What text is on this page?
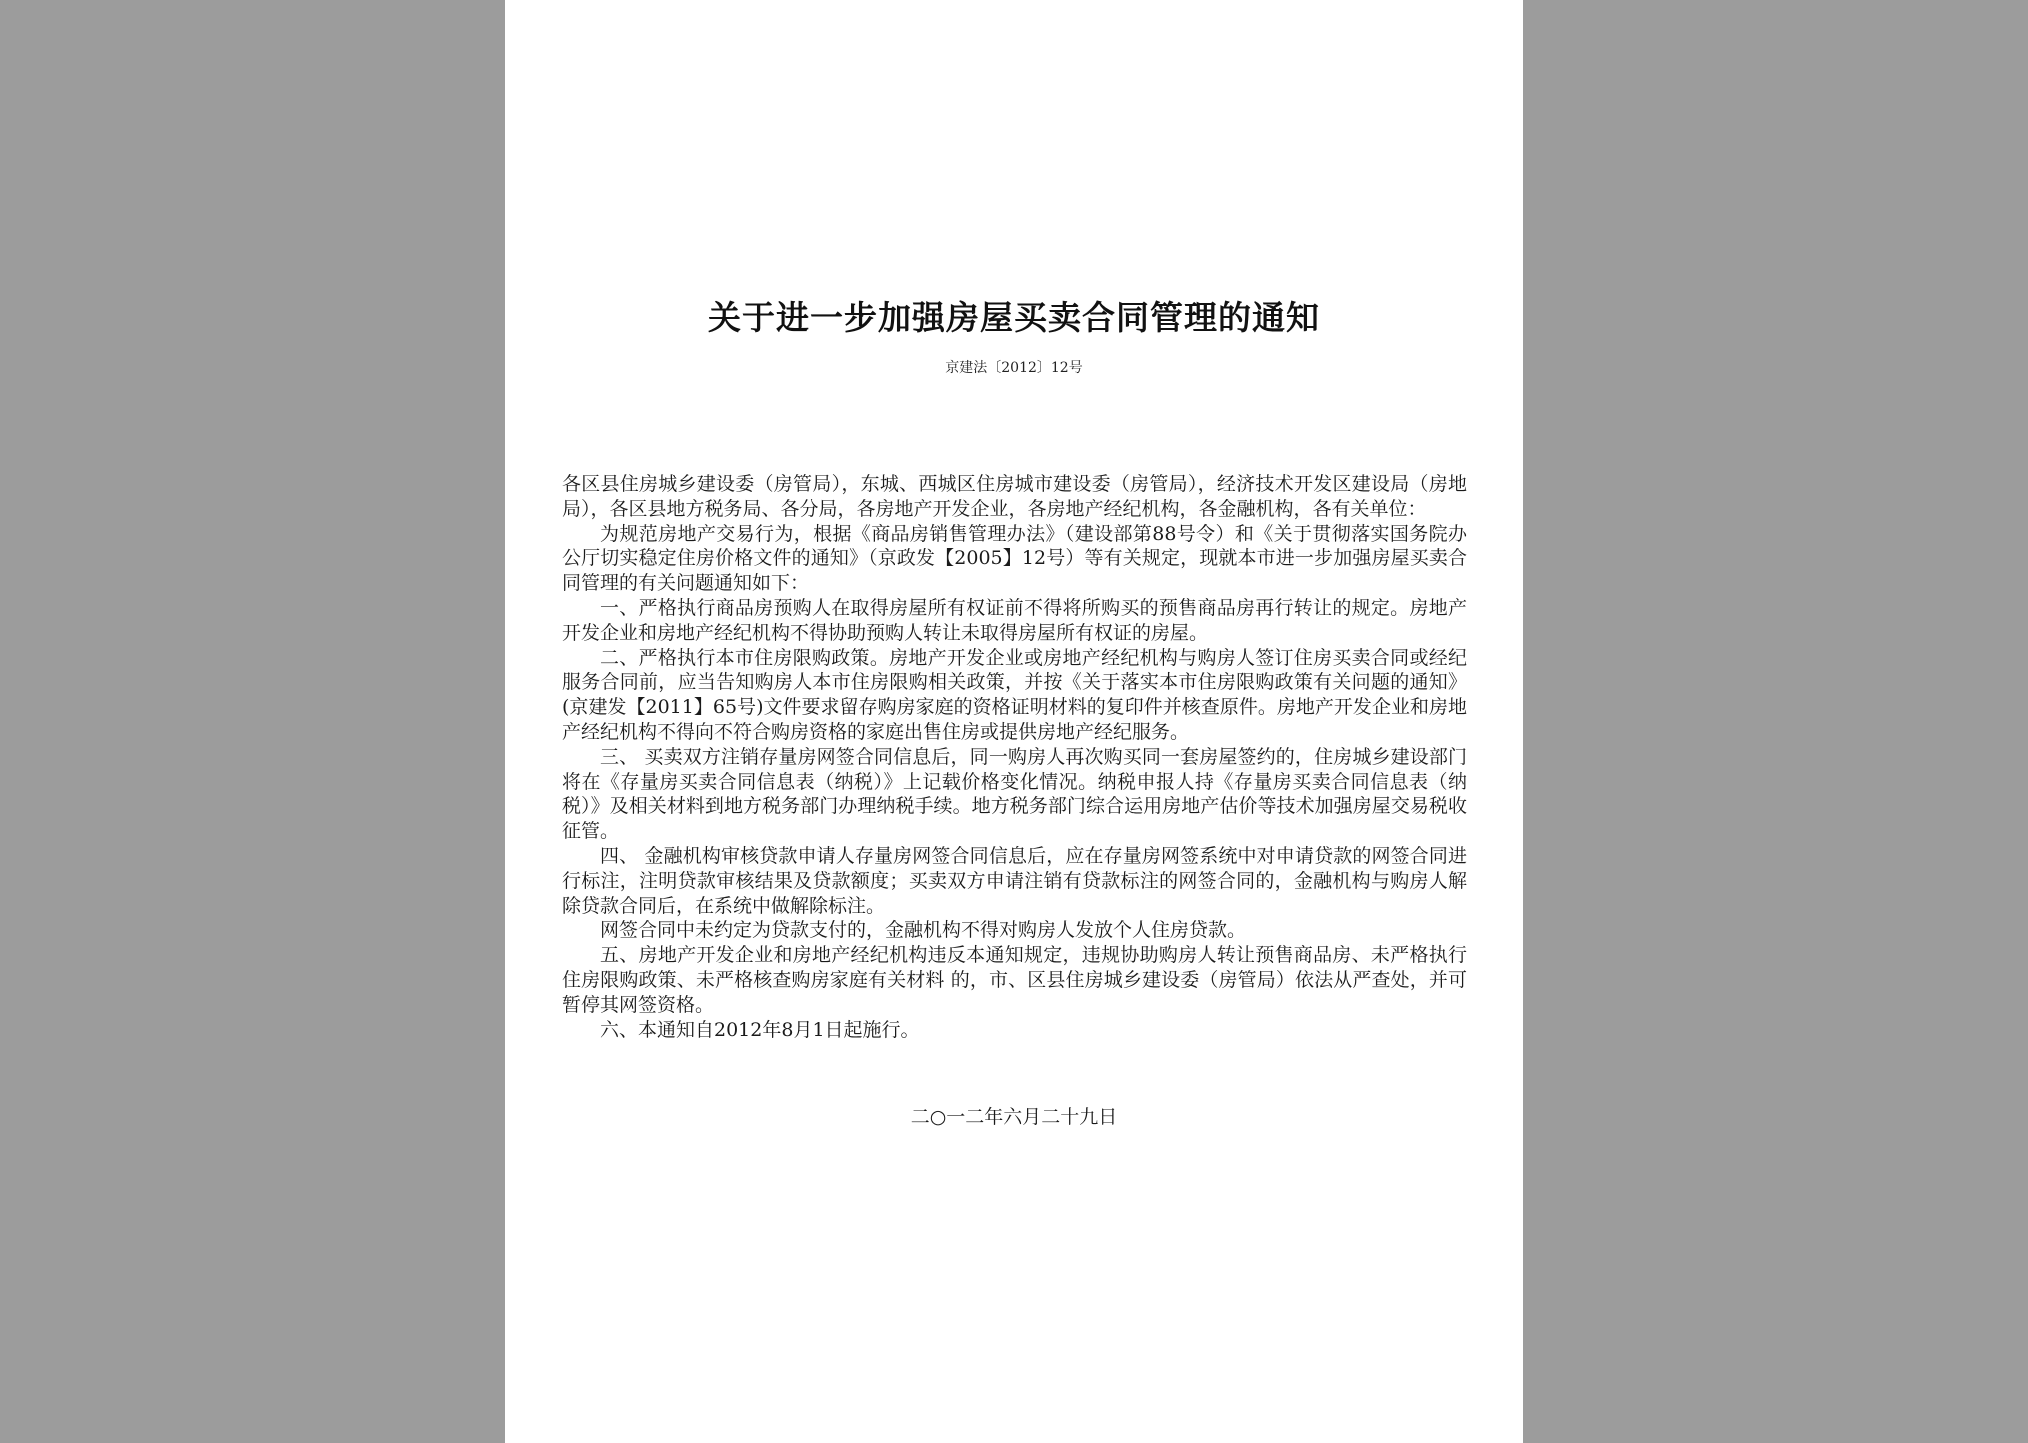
关于进一步加强房屋买卖合同管理的通知
京建法〔2012〕12号

各区县住房城乡建设委（房管局），东城、西城区住房城市建设委（房管局），经济技术开发区建设局（房地局），各区县地方税务局、各分局，各房地产开发企业，各房地产经纪机构，各金融机构，各有关单位：

为规范房地产交易行为，根据《商品房销售管理办法》（建设部第88号令）和《关于贯彻落实国务院办公厅切实稳定住房价格文件的通知》（京政发【2005】12号）等有关规定，现就本市进一步加强房屋买卖合同管理的有关问题通知如下：

一、严格执行商品房预购人在取得房屋所有权证前不得将所购买的预售商品房再行转让的规定。房地产开发企业和房地产经纪机构不得协助预购人转让未取得房屋所有权证的房屋。

二、严格执行本市住房限购政策。房地产开发企业或房地产经纪机构与购房人签订住房买卖合同或经纪服务合同前，应当告知购房人本市住房限购相关政策，并按《关于落实本市住房限购政策有关问题的通知》(京建发【2011】65号)文件要求留存购房家庭的资格证明材料的复印件并核查原件。房地产开发企业和房地产经纪机构不得向不符合购房资格的家庭出售住房或提供房地产经纪服务。

三、 买卖双方注销存量房网签合同信息后，同一购房人再次购买同一套房屋签约的，住房城乡建设部门将在《存量房买卖合同信息表（纳税）》上记载价格变化情况。纳税申报人持《存量房买卖合同信息表（纳税）》及相关材料到地方税务部门办理纳税手续。地方税务部门综合运用房地产估价等技术加强房屋交易税收征管。

四、 金融机构审核贷款申请人存量房网签合同信息后，应在存量房网签系统中对申请贷款的网签合同进行标注，注明贷款审核结果及贷款额度；买卖双方申请注销有贷款标注的网签合同的，金融机构与购房人解除贷款合同后，在系统中做解除标注。

网签合同中未约定为贷款支付的，金融机构不得对购房人发放个人住房贷款。

五、房地产开发企业和房地产经纪机构违反本通知规定，违规协助购房人转让预售商品房、未严格执行住房限购政策、未严格核查购房家庭有关材料 的，市、区县住房城乡建设委（房管局）依法从严查处，并可暂停其网签资格。

六、本通知自2012年8月1日起施行。

二○一二年六月二十九日
